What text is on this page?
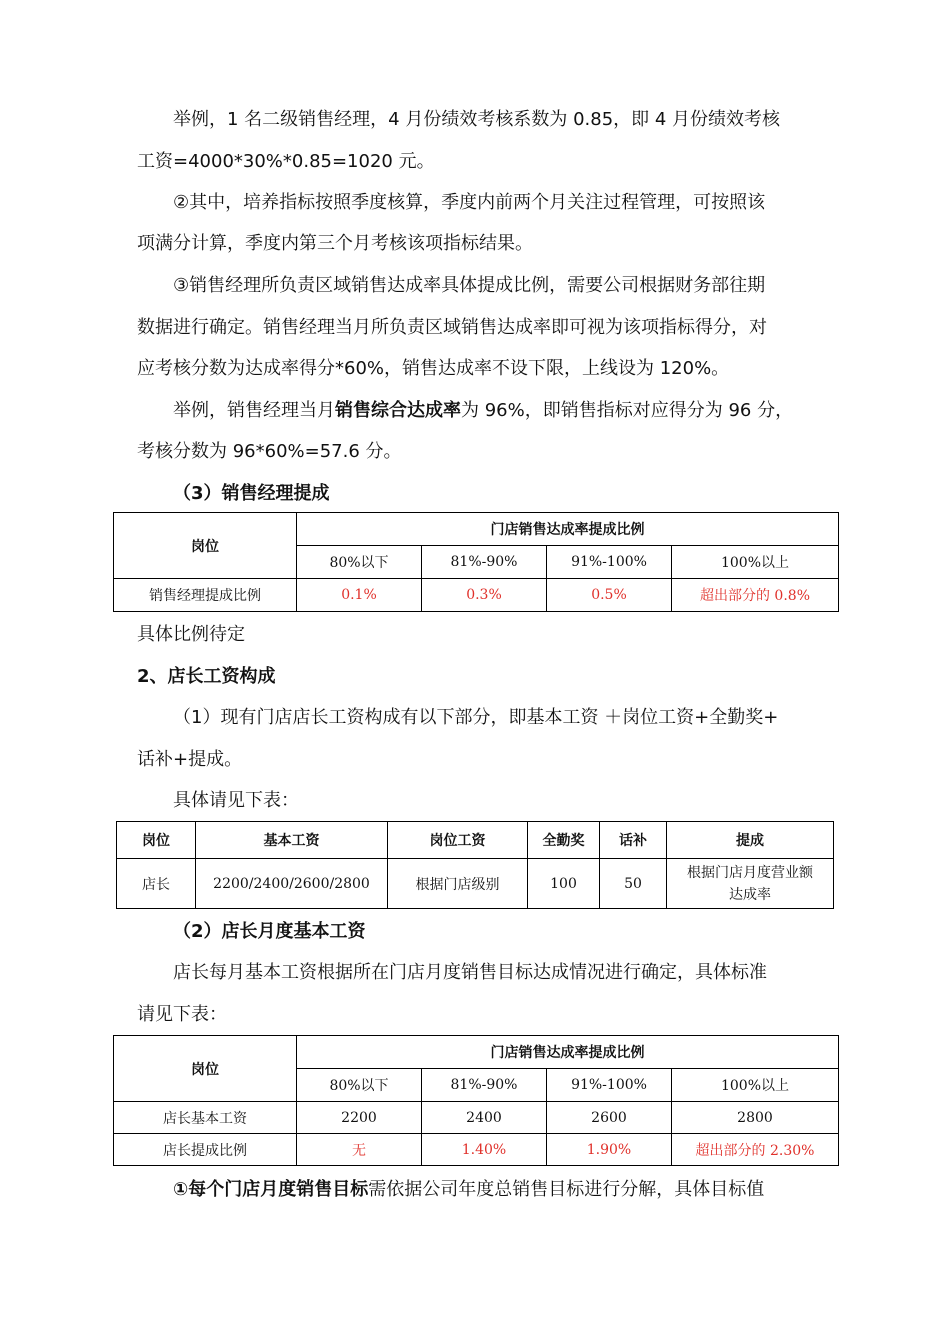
举例，1 名二级销售经理，4 月份绩效考核系数为 0.85，即 4 月份绩效考核
工资=4000*30%*0.85=1020 元。
②其中，培养指标按照季度核算，季度内前两个月关注过程管理，可按照该
项满分计算，季度内第三个月考核该项指标结果。
③销售经理所负责区域销售达成率具体提成比例，需要公司根据财务部往期
数据进行确定。销售经理当月所负责区域销售达成率即可视为该项指标得分，对
应考核分数为达成率得分*60%，销售达成率不设下限，上线设为 120%。
举例，销售经理当月销售综合达成率为 96%，即销售指标对应得分为 96 分，
考核分数为 96*60%=57.6 分。
（3）销售经理提成
岗位	门店销售达成率提成比例			
	80%以下	81%-90%	91%-100%	100%以上
销售经理提成比例	0.1%	0.3%	0.5%	超出部分的 0.8%
具体比例待定
2、店长工资构成
（1）现有门店店长工资构成有以下部分，即基本工资 ＋岗位工资+全勤奖+
话补+提成。
具体请见下表：
岗位	基本工资	岗位工资	全勤奖	话补	提成
店长	2200/2400/2600/2800	根据门店级别	100	50	根据门店月度营业额
达成率
（2）店长月度基本工资
店长每月基本工资根据所在门店月度销售目标达成情况进行确定，具体标准
请见下表：
岗位	门店销售达成率提成比例			
	80%以下	81%-90%	91%-100%	100%以上
店长基本工资	2200	2400	2600	2800
店长提成比例	无	1.40%	1.90%	超出部分的 2.30%
①每个门店月度销售目标需依据公司年度总销售目标进行分解，具体目标值
